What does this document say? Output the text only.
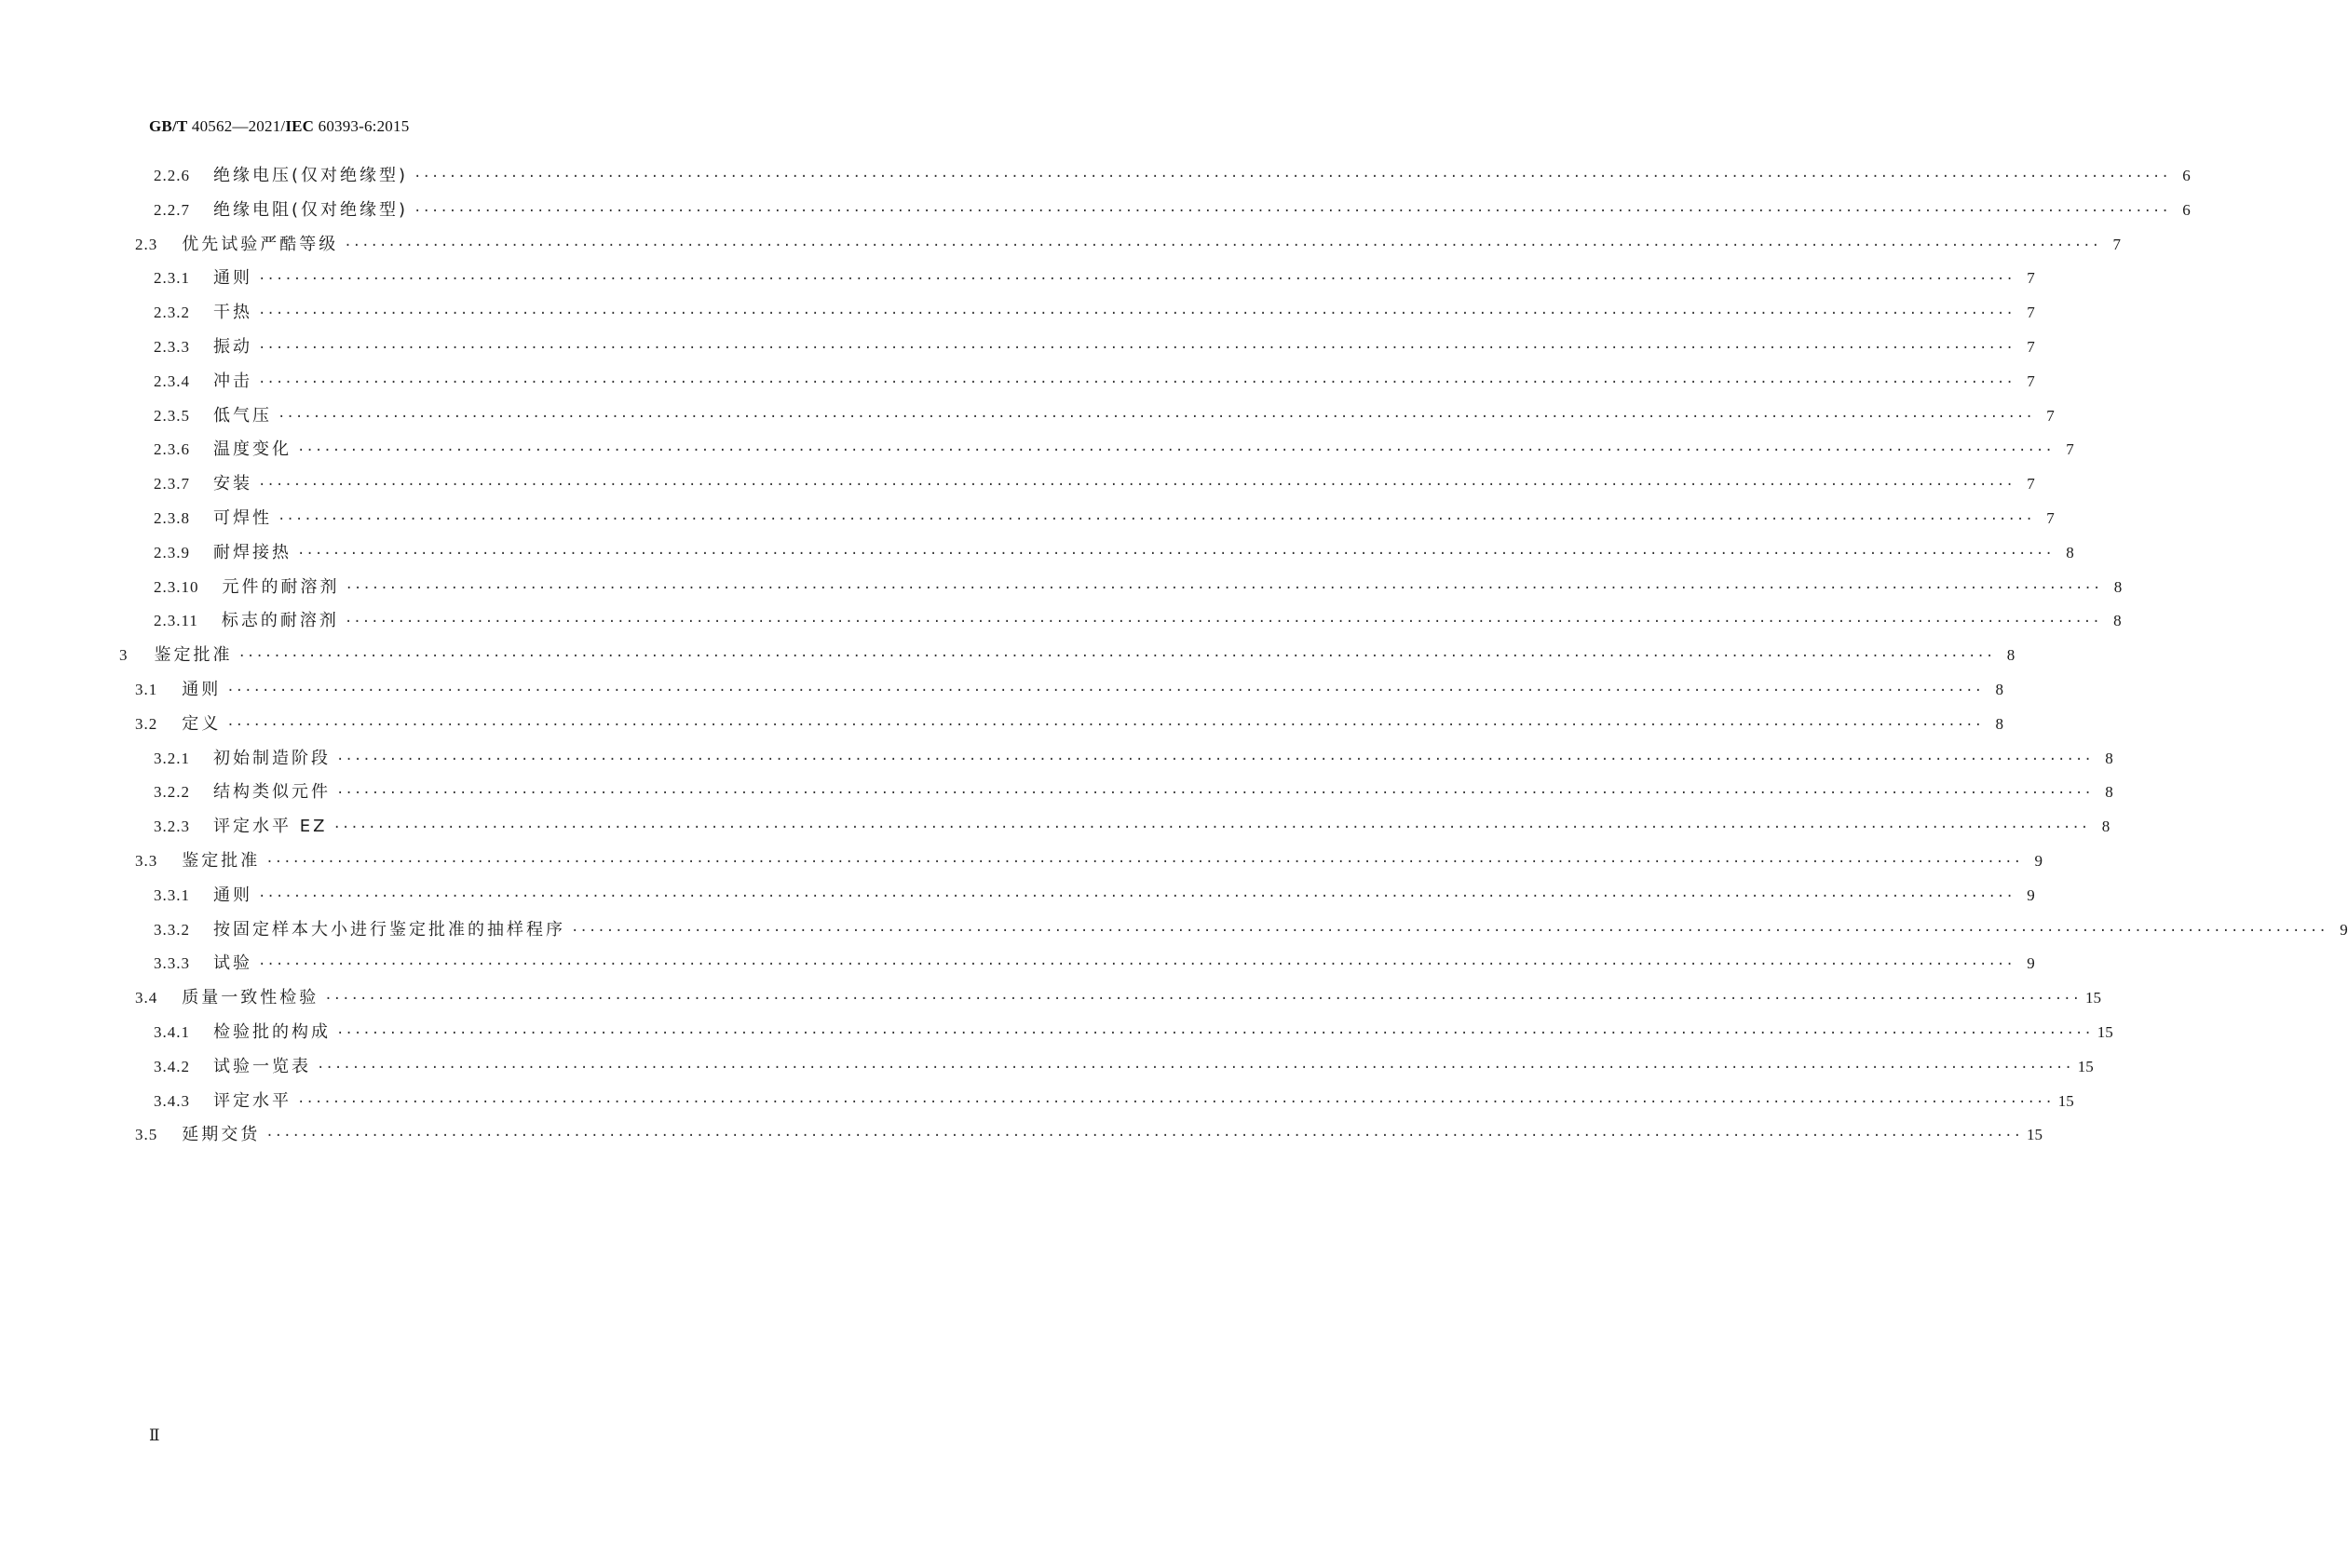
GB/T 40562—2021/IEC 60393-6:2015
2.2.6 绝缘电压(仅对绝缘型) ········································································································································································································ 6
2.2.7 绝缘电阻(仅对绝缘型) ········································································································································································································ 6
2.3 优先试验严酷等级 ········································································································································································································ 7
2.3.1 通则 ········································································································································································································ 7
2.3.2 干热 ········································································································································································································ 7
2.3.3 振动 ········································································································································································································ 7
2.3.4 冲击 ········································································································································································································ 7
2.3.5 低气压 ········································································································································································································ 7
2.3.6 温度变化 ········································································································································································································ 7
2.3.7 安装 ········································································································································································································ 7
2.3.8 可焊性 ········································································································································································································ 7
2.3.9 耐焊接热 ········································································································································································································ 8
2.3.10 元件的耐溶剂 ········································································································································································································ 8
2.3.11 标志的耐溶剂 ········································································································································································································ 8
3 鉴定批准 ········································································································································································································ 8
3.1 通则 ········································································································································································································ 8
3.2 定义 ········································································································································································································ 8
3.2.1 初始制造阶段 ········································································································································································································ 8
3.2.2 结构类似元件 ········································································································································································································ 8
3.2.3 评定水平 EZ ········································································································································································································ 8
3.3 鉴定批准 ········································································································································································································ 9
3.3.1 通则 ········································································································································································································ 9
3.3.2 按固定样本大小进行鉴定批准的抽样程序 ········································································································································································································ 9
3.3.3 试验 ········································································································································································································ 9
3.4 质量一致性检验 ········································································································································································································ 15
3.4.1 检验批的构成 ········································································································································································································ 15
3.4.2 试验一览表 ········································································································································································································ 15
3.4.3 评定水平 ········································································································································································································ 15
3.5 延期交货 ········································································································································································································ 15
Ⅱ
